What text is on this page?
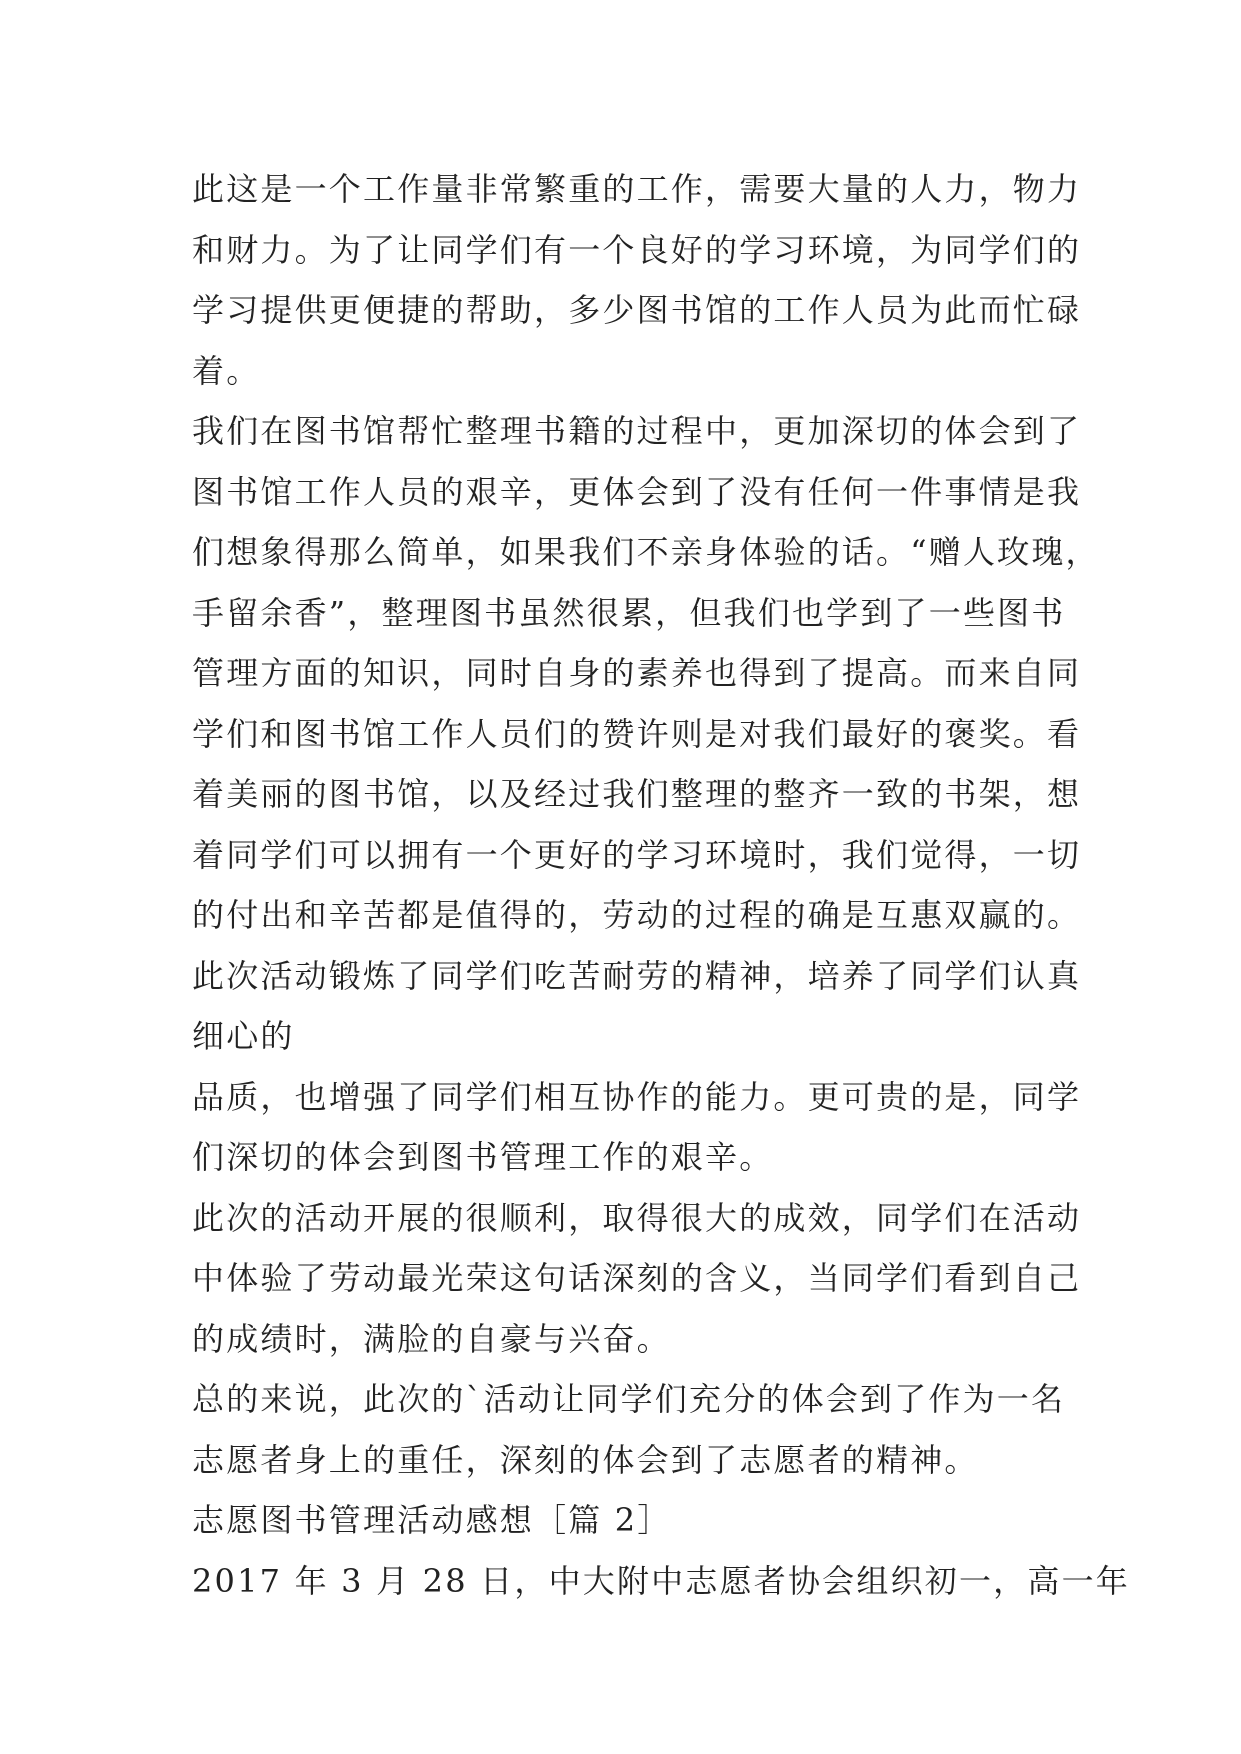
此这是一个工作量非常繁重的工作，需要大量的人力，物力
和财力。为了让同学们有一个良好的学习环境，为同学们的
学习提供更便捷的帮助，多少图书馆的工作人员为此而忙碌
着。
我们在图书馆帮忙整理书籍的过程中，更加深切的体会到了
图书馆工作人员的艰辛，更体会到了没有任何一件事情是我
们想象得那么简单，如果我们不亲身体验的话。“赠人玫瑰，
手留余香”，整理图书虽然很累，但我们也学到了一些图书
管理方面的知识，同时自身的素养也得到了提高。而来自同
学们和图书馆工作人员们的赞许则是对我们最好的褒奖。看
着美丽的图书馆，以及经过我们整理的整齐一致的书架，想
着同学们可以拥有一个更好的学习环境时，我们觉得，一切
的付出和辛苦都是值得的，劳动的过程的确是互惠双赢的。
此次活动锻炼了同学们吃苦耐劳的精神，培养了同学们认真
细心的
品质，也增强了同学们相互协作的能力。更可贵的是，同学
们深切的体会到图书管理工作的艰辛。
此次的活动开展的很顺利，取得很大的成效，同学们在活动
中体验了劳动最光荣这句话深刻的含义，当同学们看到自己
的成绩时，满脸的自豪与兴奋。
总的来说，此次的`活动让同学们充分的体会到了作为一名
志愿者身上的重任，深刻的体会到了志愿者的精神。
志愿图书管理活动感想［篇 2］
2017 年 3 月 28 日，中大附中志愿者协会组织初一，高一年
